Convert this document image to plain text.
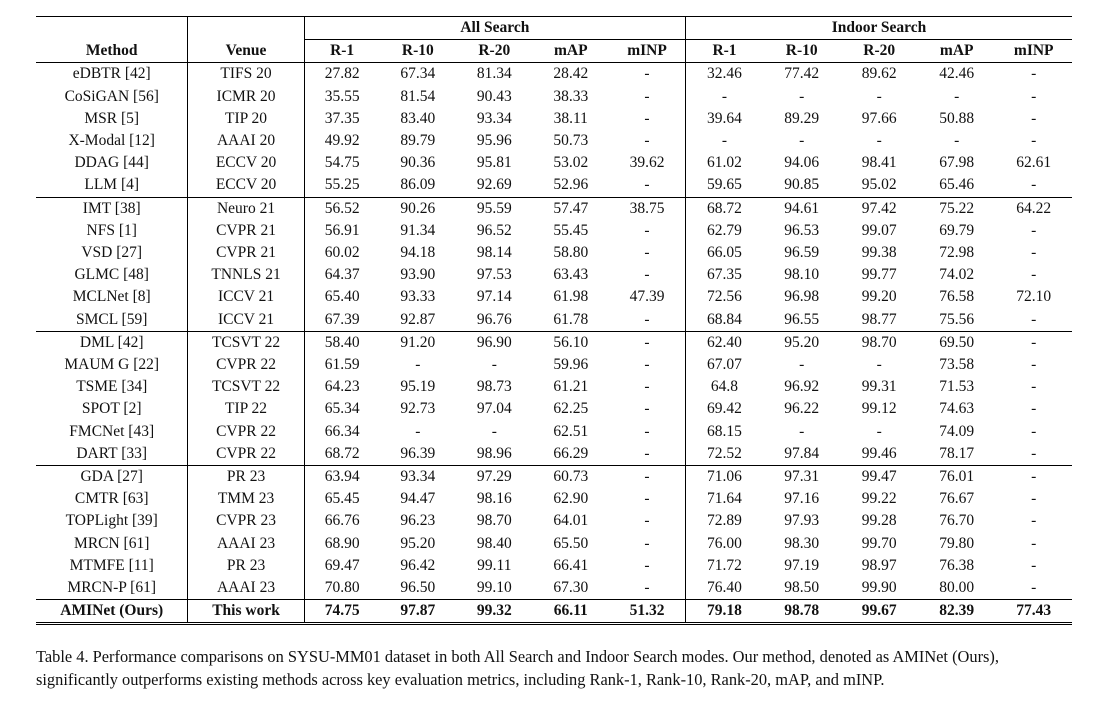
		All Search					Indoor Search				
Method	Venue	R-1	R-10	R-20	mAP	mINP	R-1	R-10	R-20	mAP	mINP
eDBTR [42]	TIFS 20	27.82	67.34	81.34	28.42	-	32.46	77.42	89.62	42.46	-
CoSiGAN [56]	ICMR 20	35.55	81.54	90.43	38.33	-	-	-	-	-	-
MSR [5]	TIP 20	37.35	83.40	93.34	38.11	-	39.64	89.29	97.66	50.88	-
X-Modal [12]	AAAI 20	49.92	89.79	95.96	50.73	-	-	-	-	-	-
DDAG [44]	ECCV 20	54.75	90.36	95.81	53.02	39.62	61.02	94.06	98.41	67.98	62.61
LLM [4]	ECCV 20	55.25	86.09	92.69	52.96	-	59.65	90.85	95.02	65.46	-
IMT [38]	Neuro 21	56.52	90.26	95.59	57.47	38.75	68.72	94.61	97.42	75.22	64.22
NFS [1]	CVPR 21	56.91	91.34	96.52	55.45	-	62.79	96.53	99.07	69.79	-
VSD [27]	CVPR 21	60.02	94.18	98.14	58.80	-	66.05	96.59	99.38	72.98	-
GLMC [48]	TNNLS 21	64.37	93.90	97.53	63.43	-	67.35	98.10	99.77	74.02	-
MCLNet [8]	ICCV 21	65.40	93.33	97.14	61.98	47.39	72.56	96.98	99.20	76.58	72.10
SMCL [59]	ICCV 21	67.39	92.87	96.76	61.78	-	68.84	96.55	98.77	75.56	-
DML [42]	TCSVT 22	58.40	91.20	96.90	56.10	-	62.40	95.20	98.70	69.50	-
MAUM G [22]	CVPR 22	61.59	-	-	59.96	-	67.07	-	-	73.58	-
TSME [34]	TCSVT 22	64.23	95.19	98.73	61.21	-	64.8	96.92	99.31	71.53	-
SPOT [2]	TIP 22	65.34	92.73	97.04	62.25	-	69.42	96.22	99.12	74.63	-
FMCNet [43]	CVPR 22	66.34	-	-	62.51	-	68.15	-	-	74.09	-
DART [33]	CVPR 22	68.72	96.39	98.96	66.29	-	72.52	97.84	99.46	78.17	-
GDA [27]	PR 23	63.94	93.34	97.29	60.73	-	71.06	97.31	99.47	76.01	-
CMTR [63]	TMM 23	65.45	94.47	98.16	62.90	-	71.64	97.16	99.22	76.67	-
TOPLight [39]	CVPR 23	66.76	96.23	98.70	64.01	-	72.89	97.93	99.28	76.70	-
MRCN [61]	AAAI 23	68.90	95.20	98.40	65.50	-	76.00	98.30	99.70	79.80	-
MTMFE [11]	PR 23	69.47	96.42	99.11	66.41	-	71.72	97.19	98.97	76.38	-
MRCN-P [61]	AAAI 23	70.80	96.50	99.10	67.30	-	76.40	98.50	99.90	80.00	-
AMINet (Ours)	This work	74.75	97.87	99.32	66.11	51.32	79.18	98.78	99.67	82.39	77.43

Table 4. Performance comparisons on SYSU-MM01 dataset in both All Search and Indoor Search modes. Our method, denoted as AMINet (Ours), significantly outperforms existing methods across key evaluation metrics, including Rank-1, Rank-10, Rank-20, mAP, and mINP.
